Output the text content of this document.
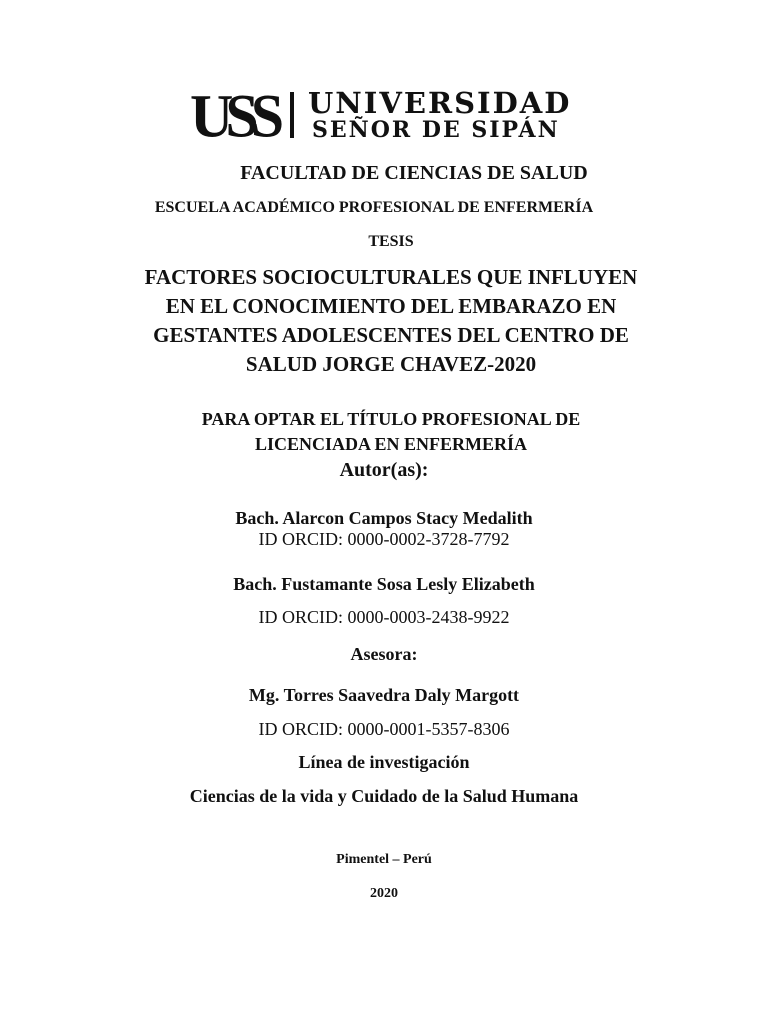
USS UNIVERSIDAD
SEÑOR DE SIPÁN
FACULTAD DE CIENCIAS DE SALUD
ESCUELA ACADÉMICO PROFESIONAL DE ENFERMERÍA
TESIS
FACTORES SOCIOCULTURALES QUE INFLUYEN
EN EL CONOCIMIENTO DEL EMBARAZO EN
GESTANTES ADOLESCENTES DEL CENTRO DE
SALUD JORGE CHAVEZ-2020
PARA OPTAR EL TÍTULO PROFESIONAL DE
LICENCIADA EN ENFERMERÍA
Autor(as):
Bach. Alarcon Campos Stacy Medalith
ID ORCID: 0000-0002-3728-7792
Bach. Fustamante Sosa Lesly Elizabeth
ID ORCID: 0000-0003-2438-9922
Asesora:
Mg. Torres Saavedra Daly Margott
ID ORCID: 0000-0001-5357-8306
Línea de investigación
Ciencias de la vida y Cuidado de la Salud Humana
Pimentel – Perú
2020
